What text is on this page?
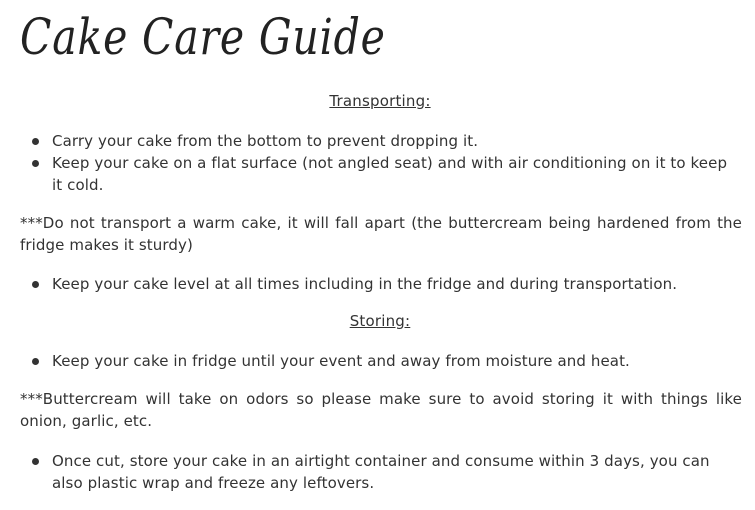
Cake Care Guide
Transporting:
Carry your cake from the bottom to prevent dropping it.
Keep your cake on a flat surface (not angled seat) and with air conditioning on it to keep it cold.
***Do not transport a warm cake, it will fall apart (the buttercream being hardened from the fridge makes it sturdy)
Keep your cake level at all times including in the fridge and during transportation.
Storing:
Keep your cake in fridge until your event and away from moisture and heat.
***Buttercream will take on odors so please make sure to avoid storing it with things like onion, garlic, etc.
Once cut, store your cake in an airtight container and consume within 3 days, you can also plastic wrap and freeze any leftovers.
